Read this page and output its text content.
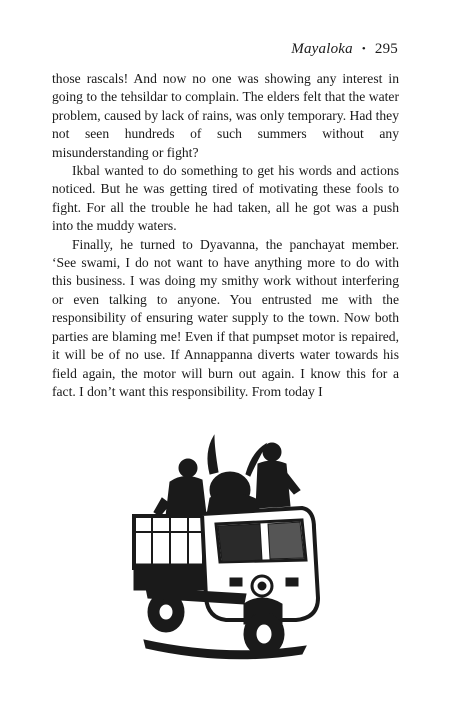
Mayaloka • 295

those rascals! And now no one was showing any interest in going to the tehsildar to complain. The elders felt that the water problem, caused by lack of rains, was only temporary. Had they not seen hundreds of such summers without any misunderstanding or fight?

Ikbal wanted to do something to get his words and actions noticed. But he was getting tired of motivating these fools to fight. For all the trouble he had taken, all he got was a push into the muddy waters.

Finally, he turned to Dyavanna, the panchayat member. ‘See swami, I do not want to have anything more to do with this business. I was doing my smithy work without interfering or even talking to anyone. You entrusted me with the responsibility of ensuring water supply to the town. Now both parties are blaming me! Even if that pumpset motor is repaired, it will be of no use. If Annappanna diverts water towards his field again, the motor will burn out again. I know this for a fact. I don’t want this responsibility. From today I
